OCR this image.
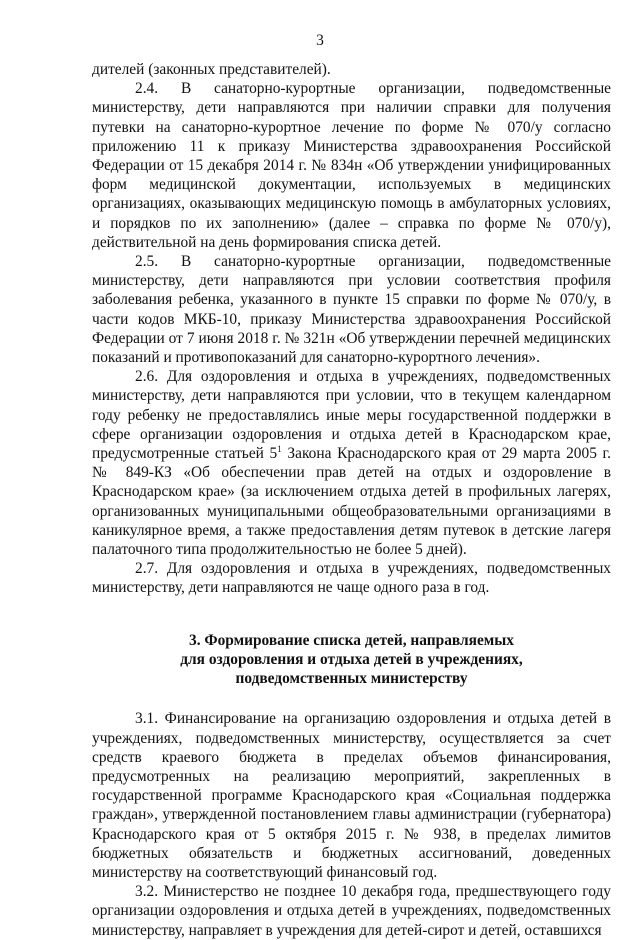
3

дителей (законных представителей).

2.4. В санаторно-курортные организации, подведомственные министерству, дети направляются при наличии справки для получения путевки на санаторно-курортное лечение по форме № 070/у согласно приложению 11 к приказу Министерства здравоохранения Российской Федерации от 15 декабря 2014 г. № 834н «Об утверждении унифицированных форм медицинской документации, используемых в медицинских организациях, оказывающих медицинскую помощь в амбулаторных условиях, и порядков по их заполнению» (далее – справка по форме № 070/у), действительной на день формирования списка детей.

2.5. В санаторно-курортные организации, подведомственные министерству, дети направляются при условии соответствия профиля заболевания ребенка, указанного в пункте 15 справки по форме № 070/у, в части кодов МКБ-10, приказу Министерства здравоохранения Российской Федерации от 7 июня 2018 г. № 321н «Об утверждении перечней медицинских показаний и противопоказаний для санаторно-курортного лечения».

2.6. Для оздоровления и отдыха в учреждениях, подведомственных министерству, дети направляются при условии, что в текущем календарном году ребенку не предоставлялись иные меры государственной поддержки в сфере организации оздоровления и отдыха детей в Краснодарском крае, предусмотренные статьей $5^1$ Закона Краснодарского края от 29 марта 2005 г. № 849-КЗ «Об обеспечении прав детей на отдых и оздоровление в Краснодарском крае» (за исключением отдыха детей в профильных лагерях, организованных муниципальными общеобразовательными организациями в каникулярное время, а также предоставления детям путевок в детские лагеря палаточного типа продолжительностью не более 5 дней).

2.7. Для оздоровления и отдыха в учреждениях, подведомственных министерству, дети направляются не чаще одного раза в год.

3. Формирование списка детей, направляемых
для оздоровления и отдыха детей в учреждениях,
подведомственных министерству

3.1. Финансирование на организацию оздоровления и отдыха детей в учреждениях, подведомственных министерству, осуществляется за счет средств краевого бюджета в пределах объемов финансирования, предусмотренных на реализацию мероприятий, закрепленных в государственной программе Краснодарского края «Социальная поддержка граждан», утвержденной постановлением главы администрации (губернатора) Краснодарского края от 5 октября 2015 г. № 938, в пределах лимитов бюджетных обязательств и бюджетных ассигнований, доведенных министерству на соответствующий финансовый год.

3.2. Министерство не позднее 10 декабря года, предшествующего году организации оздоровления и отдыха детей в учреждениях, подведомственных министерству, направляет в учреждения для детей-сирот и детей, оставшихся
